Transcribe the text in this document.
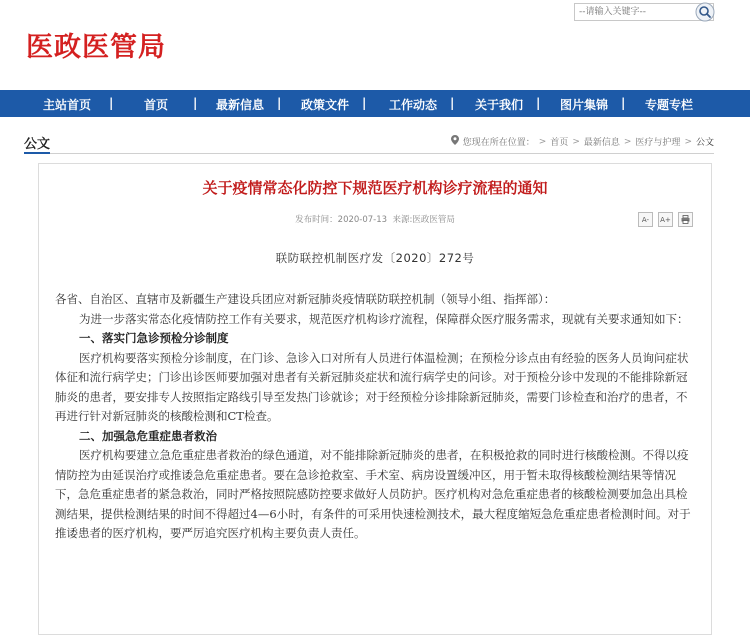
医政医管局
--请输入关键字--
主站首页 |	首页 | 最新信息 | 政策文件 | 工作动态 | 关于我们 | 图片集锦 | 专题专栏
公文	您现在所在位置： > 首页 > 最新信息 > 医疗与护理 > 公文
关于疫情常态化防控下规范医疗机构诊疗流程的通知
发布时间：2020-07-13 来源:医政医管局	A-	A+
联防联控机制医疗发〔2020〕272号

各省、自治区、直辖市及新疆生产建设兵团应对新冠肺炎疫情联防联控机制（领导小组、指挥部）：

为进一步落实常态化疫情防控工作有关要求，规范医疗机构诊疗流程，保障群众医疗服务需求，现就有关要求通知如下：

一、落实门急诊预检分诊制度

医疗机构要落实预检分诊制度，在门诊、急诊入口对所有人员进行体温检测；在预检分诊点由有经验的医务人员询问症状体征和流行病学史；门诊出诊医师要加强对患者有关新冠肺炎症状和流行病学史的问诊。对于预检分诊中发现的不能排除新冠肺炎的患者，要安排专人按照指定路线引导至发热门诊就诊；对于经预检分诊排除新冠肺炎，需要门诊检查和治疗的患者，不再进行针对新冠肺炎的核酸检测和CT检查。

二、加强急危重症患者救治

医疗机构要建立急危重症患者救治的绿色通道，对不能排除新冠肺炎的患者，在积极抢救的同时进行核酸检测。不得以疫情防控为由延误治疗或推诿急危重症患者。要在急诊抢救室、手术室、病房设置缓冲区，用于暂未取得核酸检测结果等情况下，急危重症患者的紧急救治，同时严格按照院感防控要求做好人员防护。医疗机构对急危重症患者的核酸检测要加急出具检测结果，提供检测结果的时间不得超过4—6小时，有条件的可采用快速检测技术，最大程度缩短急危重症患者检测时间。对于推诿患者的医疗机构，要严厉追究医疗机构主要负责人责任。
